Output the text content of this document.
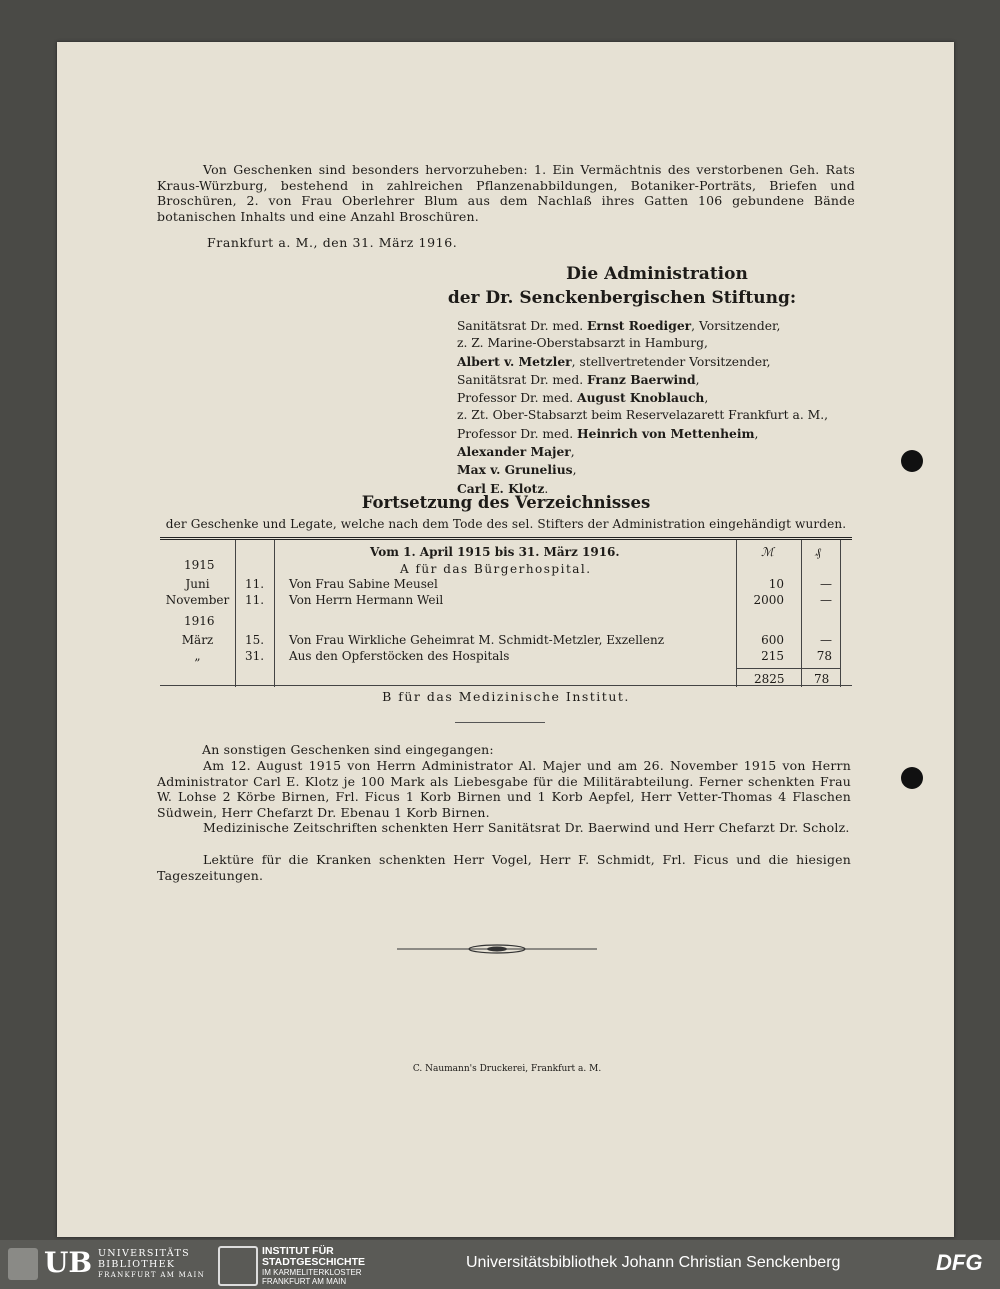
Von Geschenken sind besonders hervorzuheben: 1. Ein Vermächtnis des verstorbenen Geh. Rats Kraus-Würzburg, bestehend in zahlreichen Pflanzenabbildungen, Botaniker-Porträts, Briefen und Broschüren, 2. von Frau Oberlehrer Blum aus dem Nachlaß ihres Gatten 106 gebundene Bände botanischen Inhalts und eine Anzahl Broschüren.
Frankfurt a. M., den 31. März 1916.
Die Administration
der Dr. Senckenbergischen Stiftung:
Sanitätsrat Dr. med. Ernst Roediger, Vorsitzender,
z. Z. Marine-Oberstabsarzt in Hamburg,
Albert v. Metzler, stellvertretender Vorsitzender,
Sanitätsrat Dr. med. Franz Baerwind,
Professor Dr. med. August Knoblauch,
z. Zt. Ober-Stabsarzt beim Reservelazarett Frankfurt a. M.,
Professor Dr. med. Heinrich von Mettenheim,
Alexander Majer,
Max v. Grunelius,
Carl E. Klotz.
Fortsetzung des Verzeichnisses
der Geschenke und Legate, welche nach dem Tode des sel. Stifters der Administration eingehändigt wurden.
Vom 1. April 1915 bis 31. März 1916.
A für das Bürgerhospital.
ℳ	₰
1915
1916
Juni	11. Von Frau Sabine Meusel	10	—
November	11. Von Herrn Hermann Weil	2000	—
März	15. Von Frau Wirkliche Geheimrat M. Schmidt-Metzler, Exzellenz	600	—
„	31. Aus den Opferstöcken des Hospitals	215	78
2825 78
B für das Medizinische Institut.
An sonstigen Geschenken sind eingegangen:
Am 12. August 1915 von Herrn Administrator Al. Majer und am 26. November 1915 von Herrn Administrator Carl E. Klotz je 100 Mark als Liebesgabe für die Militärabteilung. Ferner schenkten Frau W. Lohse 2 Körbe Birnen, Frl. Ficus 1 Korb Birnen und 1 Korb Aepfel, Herr Vetter-Thomas 4 Flaschen Südwein, Herr Chefarzt Dr. Ebenau 1 Korb Birnen.
Medizinische Zeitschriften schenkten Herr Sanitätsrat Dr. Baerwind und Herr Chefarzt Dr. Scholz.
Lektüre für die Kranken schenkten Herr Vogel, Herr F. Schmidt, Frl. Ficus und die hiesigen Tageszeitungen.
C. Naumann's Druckerei, Frankfurt a. M.
UB UNIVERSITÄTS
BIBLIOTHEK
FRANKFURT AM MAIN
INSTITUT FÜR
STADTGESCHICHTE
IM KARMELITERKLOSTER
FRANKFURT AM MAIN
Universitätsbibliothek Johann Christian Senckenberg	DFG
